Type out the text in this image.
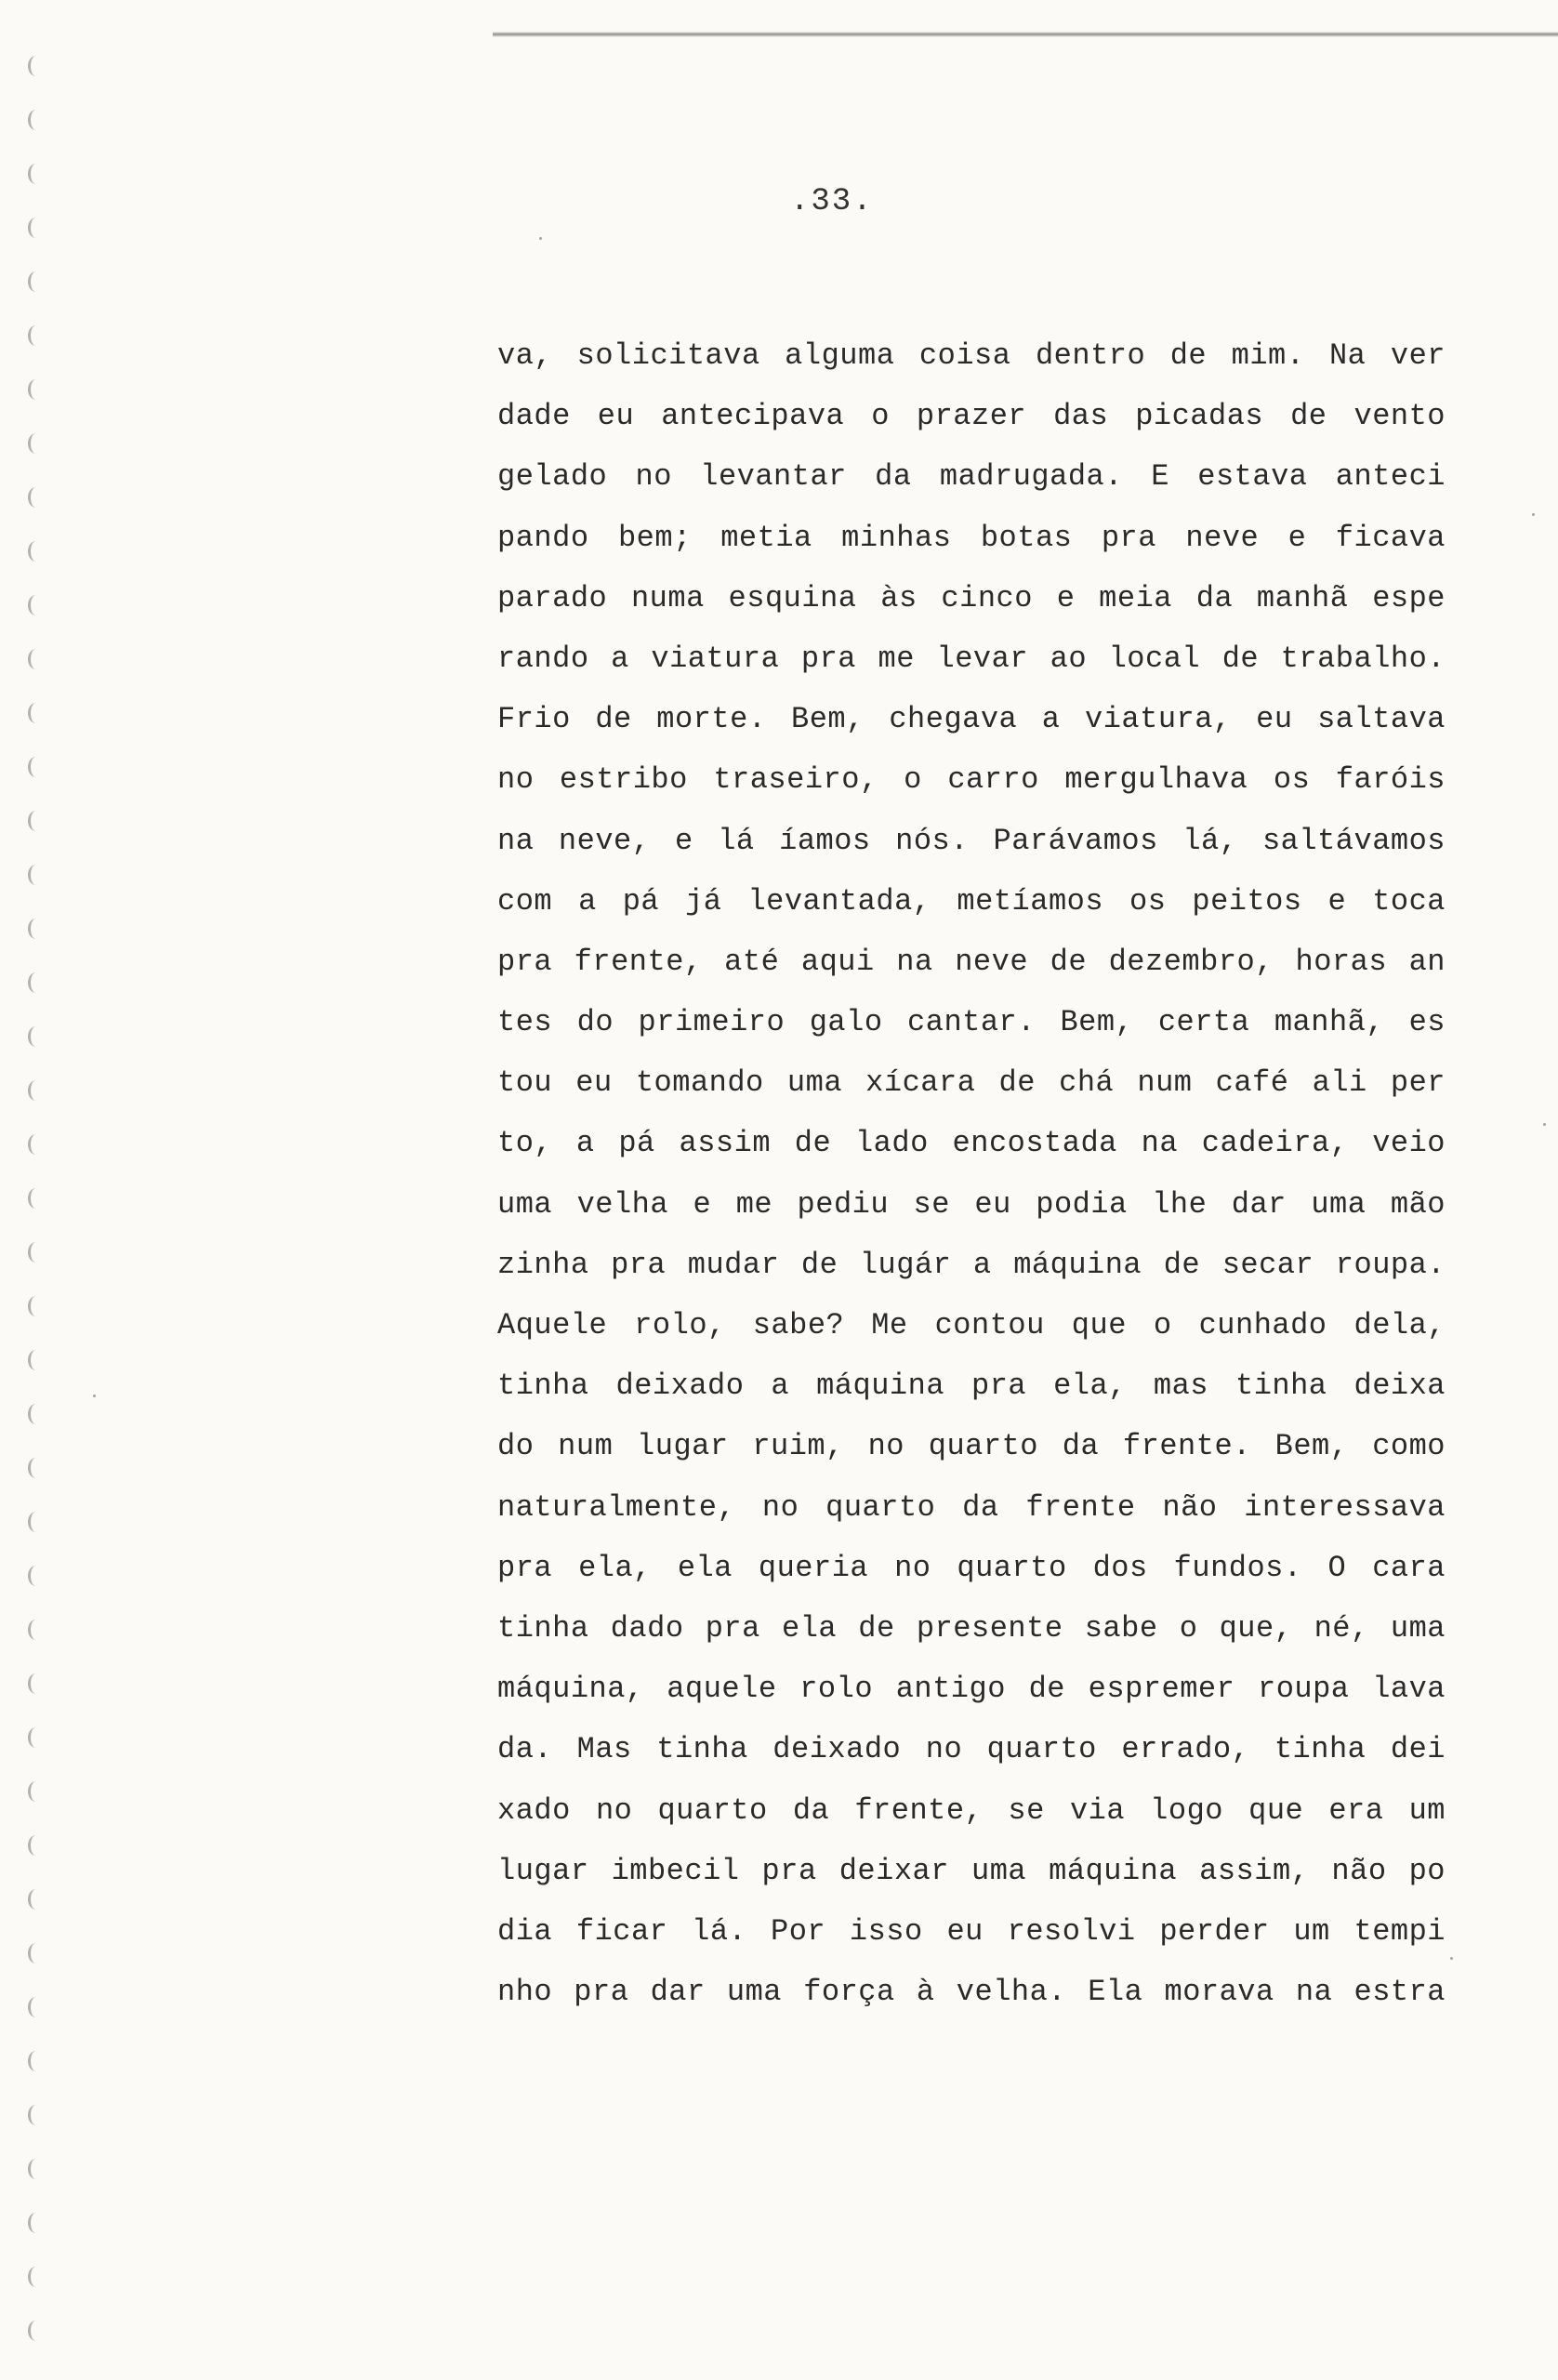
.33.
va, solicitava alguma coisa dentro de mim. Na ver
dade eu antecipava o prazer das picadas de vento
gelado no levantar da madrugada. E estava anteci
pando bem; metia minhas botas pra neve e ficava
parado numa esquina às cinco e meia da manhã espe
rando a viatura pra me levar ao local de trabalho.
Frio de morte. Bem, chegava a viatura, eu saltava
no estribo traseiro, o carro mergulhava os faróis
na neve, e lá íamos nós. Parávamos lá, saltávamos
com a pá já levantada, metíamos os peitos e toca
pra frente, até aqui na neve de dezembro, horas an
tes do primeiro galo cantar. Bem, certa manhã, es
tou eu tomando uma xícara de chá num café ali per
to, a pá assim de lado encostada na cadeira, veio
uma velha e me pediu se eu podia lhe dar uma mão
zinha pra mudar de lugár a máquina de secar roupa.
Aquele rolo, sabe? Me contou que o cunhado dela,
tinha deixado a máquina pra ela, mas tinha deixa
do num lugar ruim, no quarto da frente. Bem, como
naturalmente, no quarto da frente não interessava
pra ela, ela queria no quarto dos fundos. O cara
tinha dado pra ela de presente sabe o que, né, uma
máquina, aquele rolo antigo de espremer roupa lava
da. Mas tinha deixado no quarto errado, tinha dei
xado no quarto da frente, se via logo que era um
lugar imbecil pra deixar uma máquina assim, não po
dia ficar lá. Por isso eu resolvi perder um tempi
nho pra dar uma força à velha. Ela morava na estra
